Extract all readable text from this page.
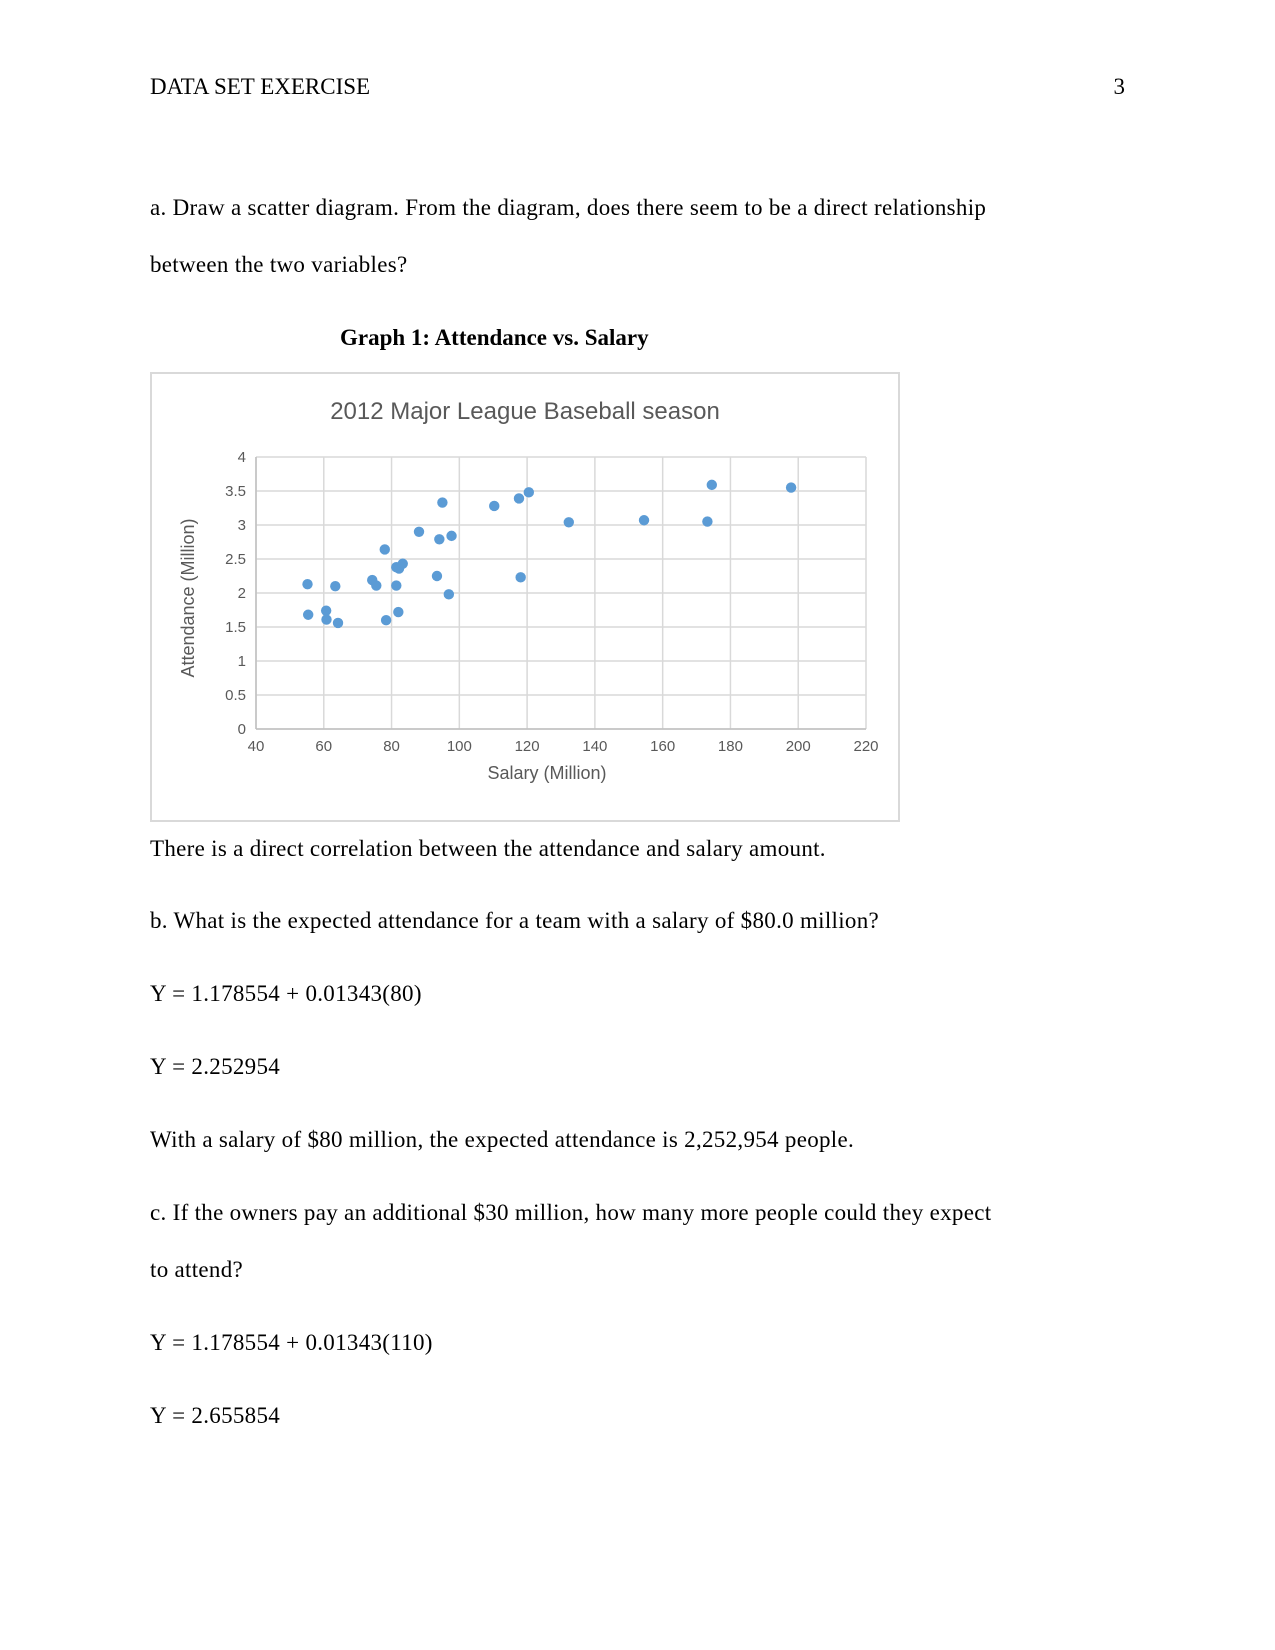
DATA SET EXERCISE	3
a. Draw a scatter diagram. From the diagram, does there seem to be a direct relationship
between the two variables?
Graph 1: Attendance vs. Salary
2012 Major League Baseball season
40	60	80	100	120	140	160	180	200	220
0
0.5
1
1.5
2
2.5
3
3.5
4
Salary (Million)
Attendance (Million)
There is a direct correlation between the attendance and salary amount.
b. What is the expected attendance for a team with a salary of $80.0 million?
Y = 1.178554 + 0.01343(80)
Y = 2.252954
With a salary of $80 million, the expected attendance is 2,252,954 people.
c. If the owners pay an additional $30 million, how many more people could they expect
to attend?
Y = 1.178554 + 0.01343(110)
Y = 2.655854
